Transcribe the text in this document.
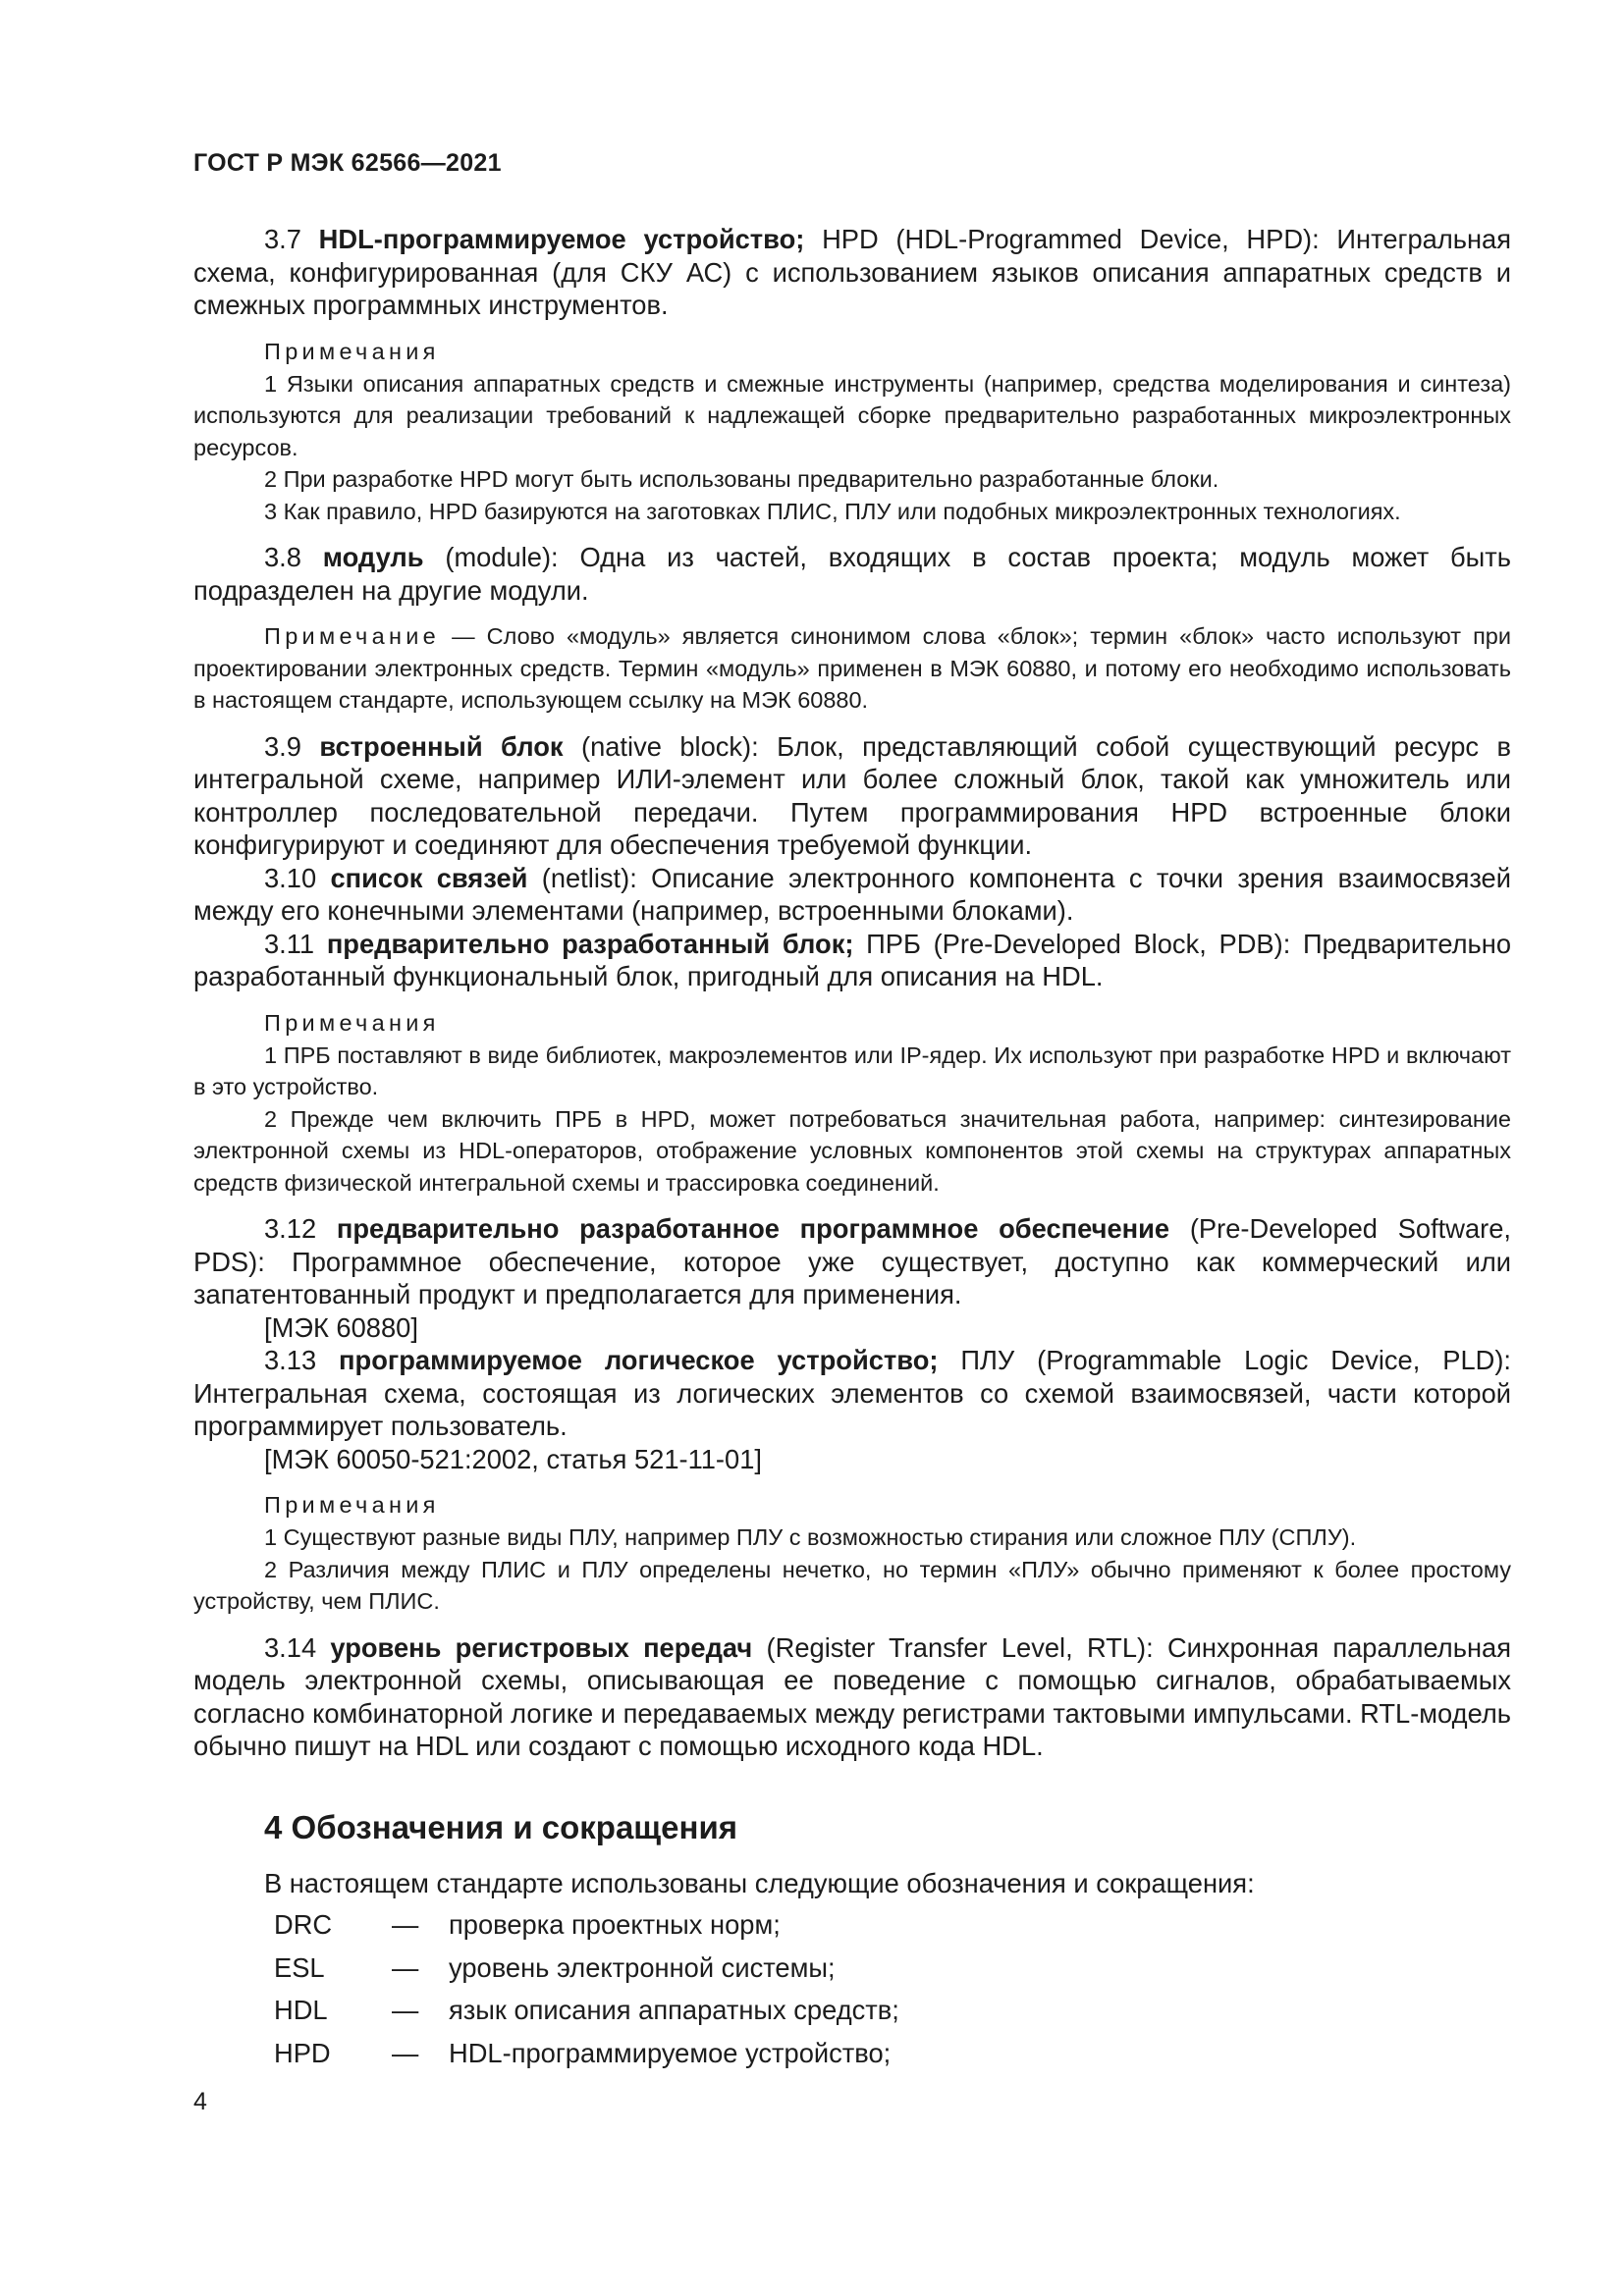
ГОСТ Р МЭК 62566—2021

3.7 HDL-программируемое устройство; HPD (HDL-Programmed Device, HPD): Интегральная схема, конфигурированная (для СКУ АС) с использованием языков описания аппаратных средств и смежных программных инструментов.

Примечания

1 Языки описания аппаратных средств и смежные инструменты (например, средства моделирования и синтеза) используются для реализации требований к надлежащей сборке предварительно разработанных микроэлектронных ресурсов.

2 При разработке HPD могут быть использованы предварительно разработанные блоки.

3 Как правило, HPD базируются на заготовках ПЛИС, ПЛУ или подобных микроэлектронных технологиях.

3.8 модуль (module): Одна из частей, входящих в состав проекта; модуль может быть подразделен на другие модули.

Примечание — Слово «модуль» является синонимом слова «блок»; термин «блок» часто используют при проектировании электронных средств. Термин «модуль» применен в МЭК 60880, и потому его необходимо использовать в настоящем стандарте, использующем ссылку на МЭК 60880.

3.9 встроенный блок (native block): Блок, представляющий собой существующий ресурс в интегральной схеме, например ИЛИ-элемент или более сложный блок, такой как умножитель или контроллер последовательной передачи. Путем программирования HPD встроенные блоки конфигурируют и соединяют для обеспечения требуемой функции.

3.10 список связей (netlist): Описание электронного компонента с точки зрения взаимосвязей между его конечными элементами (например, встроенными блоками).

3.11 предварительно разработанный блок; ПРБ (Pre-Developed Block, PDB): Предварительно разработанный функциональный блок, пригодный для описания на HDL.

Примечания

1 ПРБ поставляют в виде библиотек, макроэлементов или IP-ядер. Их используют при разработке HPD и включают в это устройство.

2 Прежде чем включить ПРБ в HPD, может потребоваться значительная работа, например: синтезирование электронной схемы из HDL-операторов, отображение условных компонентов этой схемы на структурах аппаратных средств физической интегральной схемы и трассировка соединений.

3.12 предварительно разработанное программное обеспечение (Pre-Developed Software, PDS): Программное обеспечение, которое уже существует, доступно как коммерческий или запатентованный продукт и предполагается для применения.

[МЭК 60880]

3.13 программируемое логическое устройство; ПЛУ (Programmable Logic Device, PLD): Интегральная схема, состоящая из логических элементов со схемой взаимосвязей, части которой программирует пользователь.

[МЭК 60050-521:2002, статья 521-11-01]
Примечания

1 Существуют разные виды ПЛУ, например ПЛУ с возможностью стирания или сложное ПЛУ (СПЛУ).

2 Различия между ПЛИС и ПЛУ определены нечетко, но термин «ПЛУ» обычно применяют к более простому устройству, чем ПЛИС.

3.14 уровень регистровых передач (Register Transfer Level, RTL): Синхронная параллельная модель электронной схемы, описывающая ее поведение с помощью сигналов, обрабатываемых согласно комбинаторной логике и передаваемых между регистрами тактовыми импульсами. RTL-модель обычно пишут на HDL или создают с помощью исходного кода HDL.

4 Обозначения и сокращения
В настоящем стандарте использованы следующие обозначения и сокращения:
DRC	—	проверка проектных норм;
ESL	—	уровень электронной системы;
HDL	—	язык описания аппаратных средств;
HPD	—	HDL-программируемое устройство;
4
